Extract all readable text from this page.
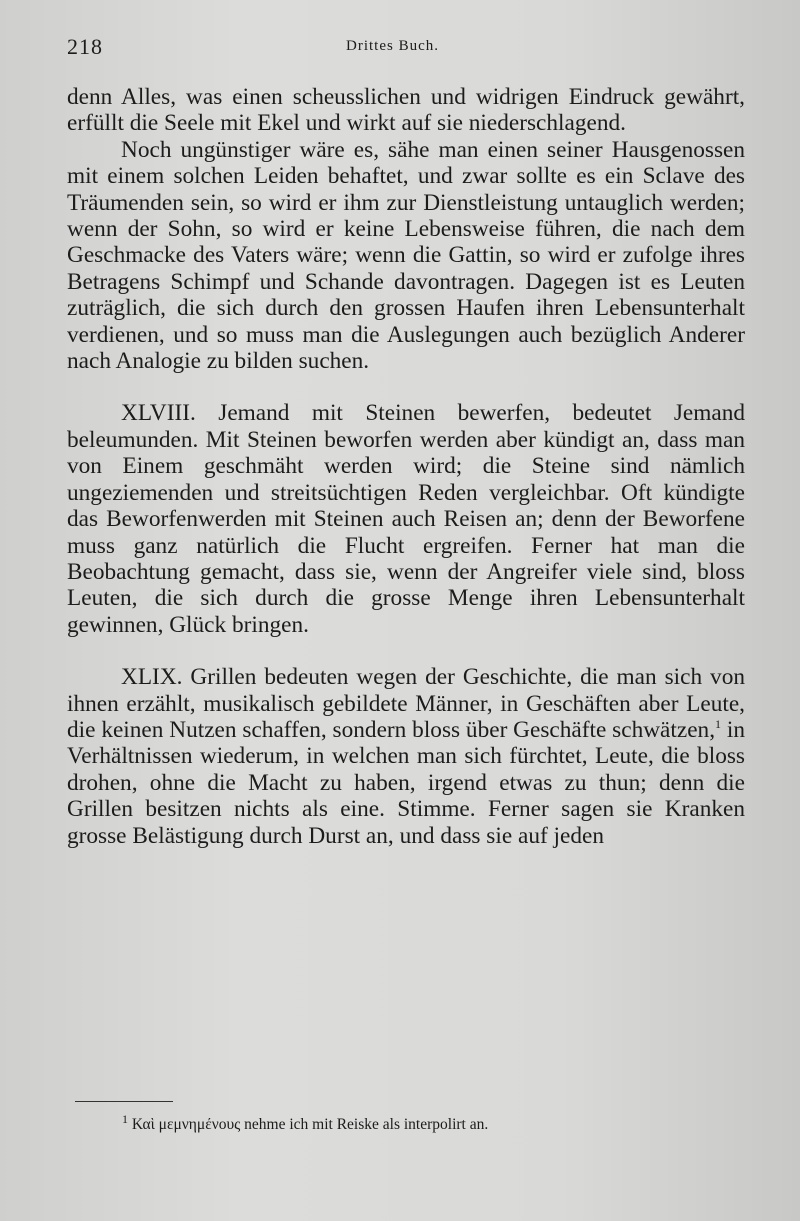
218	Drittes Buch.

denn Alles, was einen scheusslichen und widrigen Eindruck gewährt, erfüllt die Seele mit Ekel und wirkt auf sie niederschlagend.

Noch ungünstiger wäre es, sähe man einen seiner Hausgenossen mit einem solchen Leiden behaftet, und zwar sollte es ein Sclave des Träumenden sein, so wird er ihm zur Dienstleistung untauglich werden; wenn der Sohn, so wird er keine Lebensweise führen, die nach dem Geschmacke des Vaters wäre; wenn die Gattin, so wird er zufolge ihres Betragens Schimpf und Schande davontragen. Dagegen ist es Leuten zuträglich, die sich durch den grossen Haufen ihren Lebensunterhalt verdienen, und so muss man die Auslegungen auch bezüglich Anderer nach Analogie zu bilden suchen.

XLVIII. Jemand mit Steinen bewerfen, bedeutet Jemand beleumunden. Mit Steinen beworfen werden aber kündigt an, dass man von Einem geschmäht werden wird; die Steine sind nämlich ungeziemenden und streitsüchtigen Reden vergleichbar. Oft kündigte das Beworfenwerden mit Steinen auch Reisen an; denn der Beworfene muss ganz natürlich die Flucht ergreifen. Ferner hat man die Beobachtung gemacht, dass sie, wenn der Angreifer viele sind, bloss Leuten, die sich durch die grosse Menge ihren Lebensunterhalt gewinnen, Glück bringen.

XLIX. Grillen bedeuten wegen der Geschichte, die man sich von ihnen erzählt, musikalisch gebildete Männer, in Geschäften aber Leute, die keinen Nutzen schaffen, sondern bloss über Geschäfte schwätzen,$^1$ in Verhältnissen wiederum, in welchen man sich fürchtet, Leute, die bloss drohen, ohne die Macht zu haben, irgend etwas zu thun; denn die Grillen besitzen nichts als eine. Stimme. Ferner sagen sie Kranken grosse Belästigung durch Durst an, und dass sie auf jeden

$^1$ Καὶ μεμνημένους nehme ich mit Reiske als interpolirt an.
